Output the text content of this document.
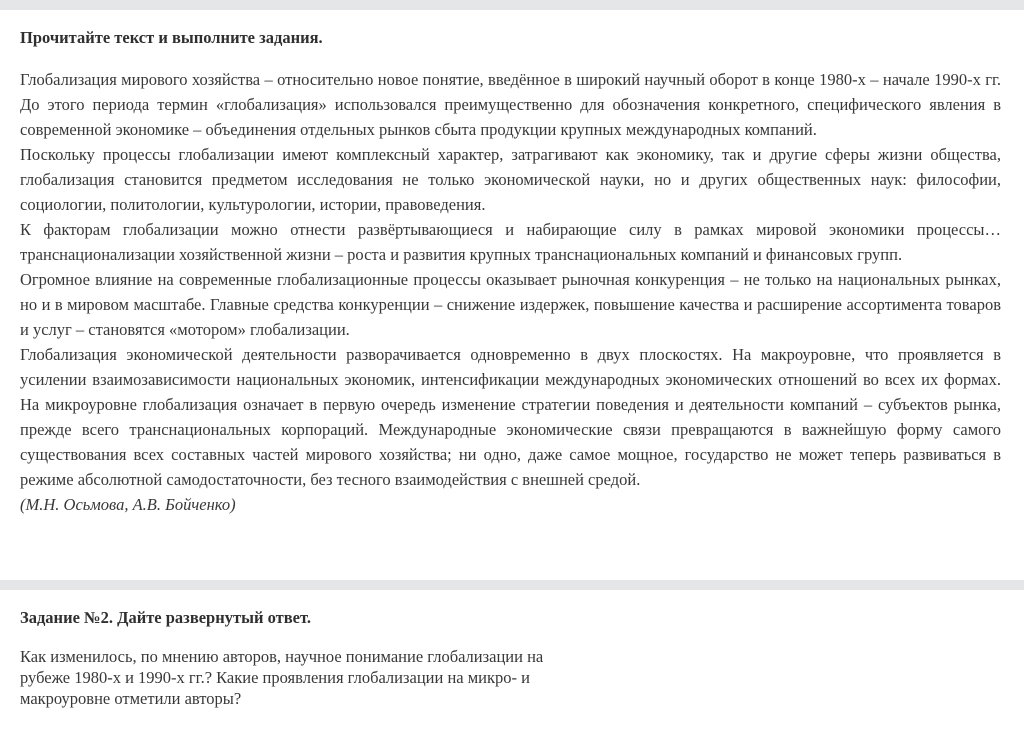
Прочитайте текст и выполните задания.

Глобализация мирового хозяйства – относительно новое понятие, введённое в широкий научный оборот в конце 1980-х – начале 1990-х гг. До этого периода термин «глобализация» использовался преимущественно для обозначения конкретного, специфического явления в современной экономике – объединения отдельных рынков сбыта продукции крупных международных компаний.

Поскольку процессы глобализации имеют комплексный характер, затрагивают как экономику, так и другие сферы жизни общества, глобализация становится предметом исследования не только экономической науки, но и других общественных наук: философии, социологии, политологии, культурологии, истории, правоведения.

К факторам глобализации можно отнести развёртывающиеся и набирающие силу в рамках мировой экономики процессы… транснационализации хозяйственной жизни – роста и развития крупных транснациональных компаний и финансовых групп.

Огромное влияние на современные глобализационные процессы оказывает рыночная конкуренция – не только на национальных рынках, но и в мировом масштабе. Главные средства конкуренции – снижение издержек, повышение качества и расширение ассортимента товаров и услуг – становятся «мотором» глобализации.

Глобализация экономической деятельности разворачивается одновременно в двух плоскостях. На макроуровне, что проявляется в усилении взаимозависимости национальных экономик, интенсификации международных экономических отношений во всех их формах. На микроуровне глобализация означает в первую очередь изменение стратегии поведения и деятельности компаний – субъектов рынка, прежде всего транснациональных корпораций. Международные экономические связи превращаются в важнейшую форму самого существования всех составных частей мирового хозяйства; ни одно, даже самое мощное, государство не может теперь развиваться в режиме абсолютной самодостаточности, без тесного взаимодействия с внешней средой.

(М.Н. Осьмова, А.В. Бойченко)
Задание №2. Дайте развернутый ответ.
Как изменилось, по мнению авторов, научное понимание глобализации на рубеже 1980-х и 1990-х гг.? Какие проявления глобализации на микро- и макроуровне отметили авторы?
